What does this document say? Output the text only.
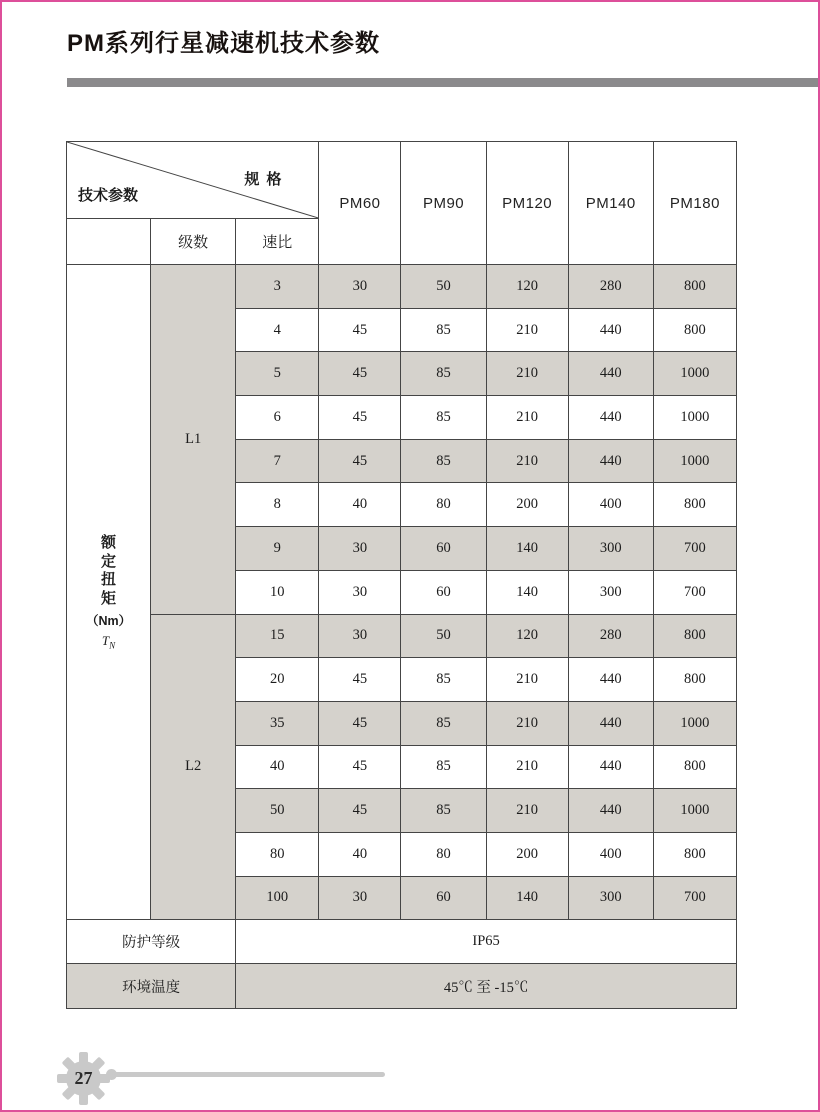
PM系列行星减速机技术参数
规格
技术参数			PM60	PM90	PM120	PM140	PM180
	级数	速比					

额定扭矩
（Nm）
$T_N$	L1	3	30	50	120	280	800
		4	45	85	210	440	800
		5	45	85	210	440	1000
		6	45	85	210	440	1000
		7	45	85	210	440	1000
		8	40	80	200	400	800
		9	30	60	140	300	700
		10	30	60	140	300	700
	L2	15	30	50	120	280	800
		20	45	85	210	440	800
		35	45	85	210	440	1000
		40	45	85	210	440	800
		50	45	85	210	440	1000
		80	40	80	200	400	800
		100	30	60	140	300	700
防护等级		IP65					
环境温度		45℃ 至 -15℃					
27
